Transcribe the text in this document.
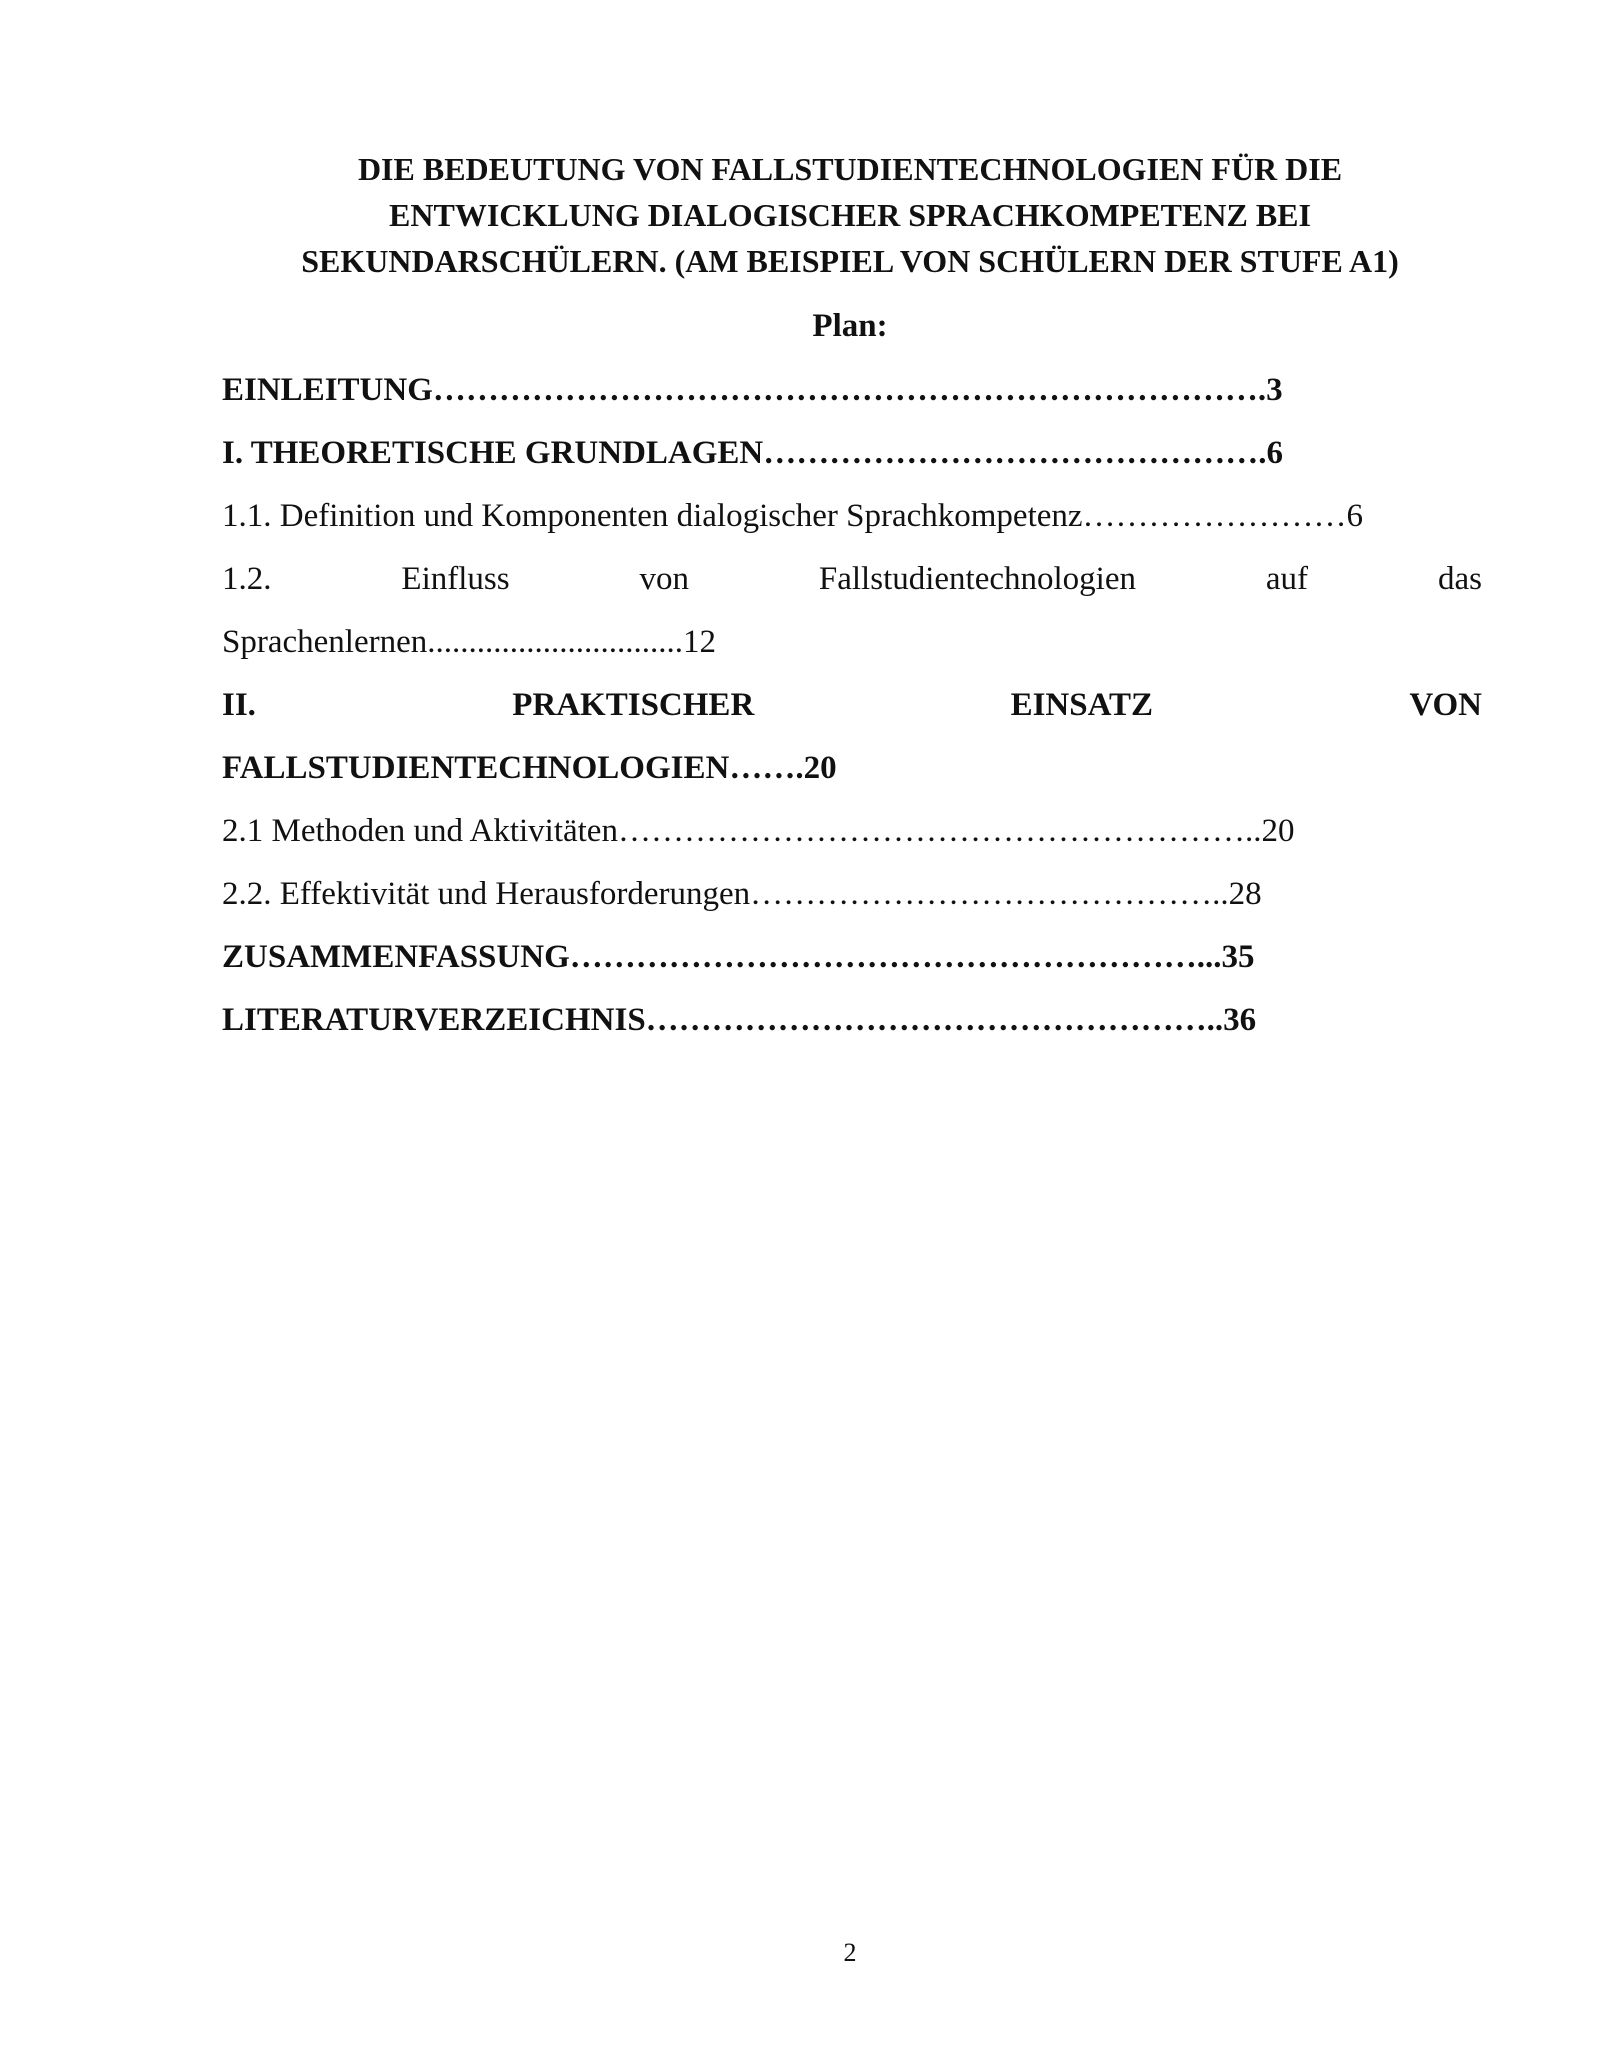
DIE BEDEUTUNG VON FALLSTUDIENTECHNOLOGIEN FÜR DIE
ENTWICKLUNG DIALOGISCHER SPRACHKOMPETENZ BEI
SEKUNDARSCHÜLERN. (AM BEISPIEL VON SCHÜLERN DER STUFE A1)
Plan:
EINLEITUNG………………………………………………………………….3
I. THEORETISCHE GRUNDLAGEN……………………………………….6
1.1. Definition und Komponenten dialogischer Sprachkompetenz……………………6
1.2.	Einfluss	von	Fallstudientechnologien	auf	das
Sprachenlernen...............................12
II.	PRAKTISCHER	EINSATZ	VON
FALLSTUDIENTECHNOLOGIEN…….20
2.1 Methoden und Aktivitäten…………………………………………………..20
2.2. Effektivität und Herausforderungen……………………………………..28
ZUSAMMENFASSUNG…………………………………………………...35
LITERATURVERZEICHNIS……………………………………………..36
2
